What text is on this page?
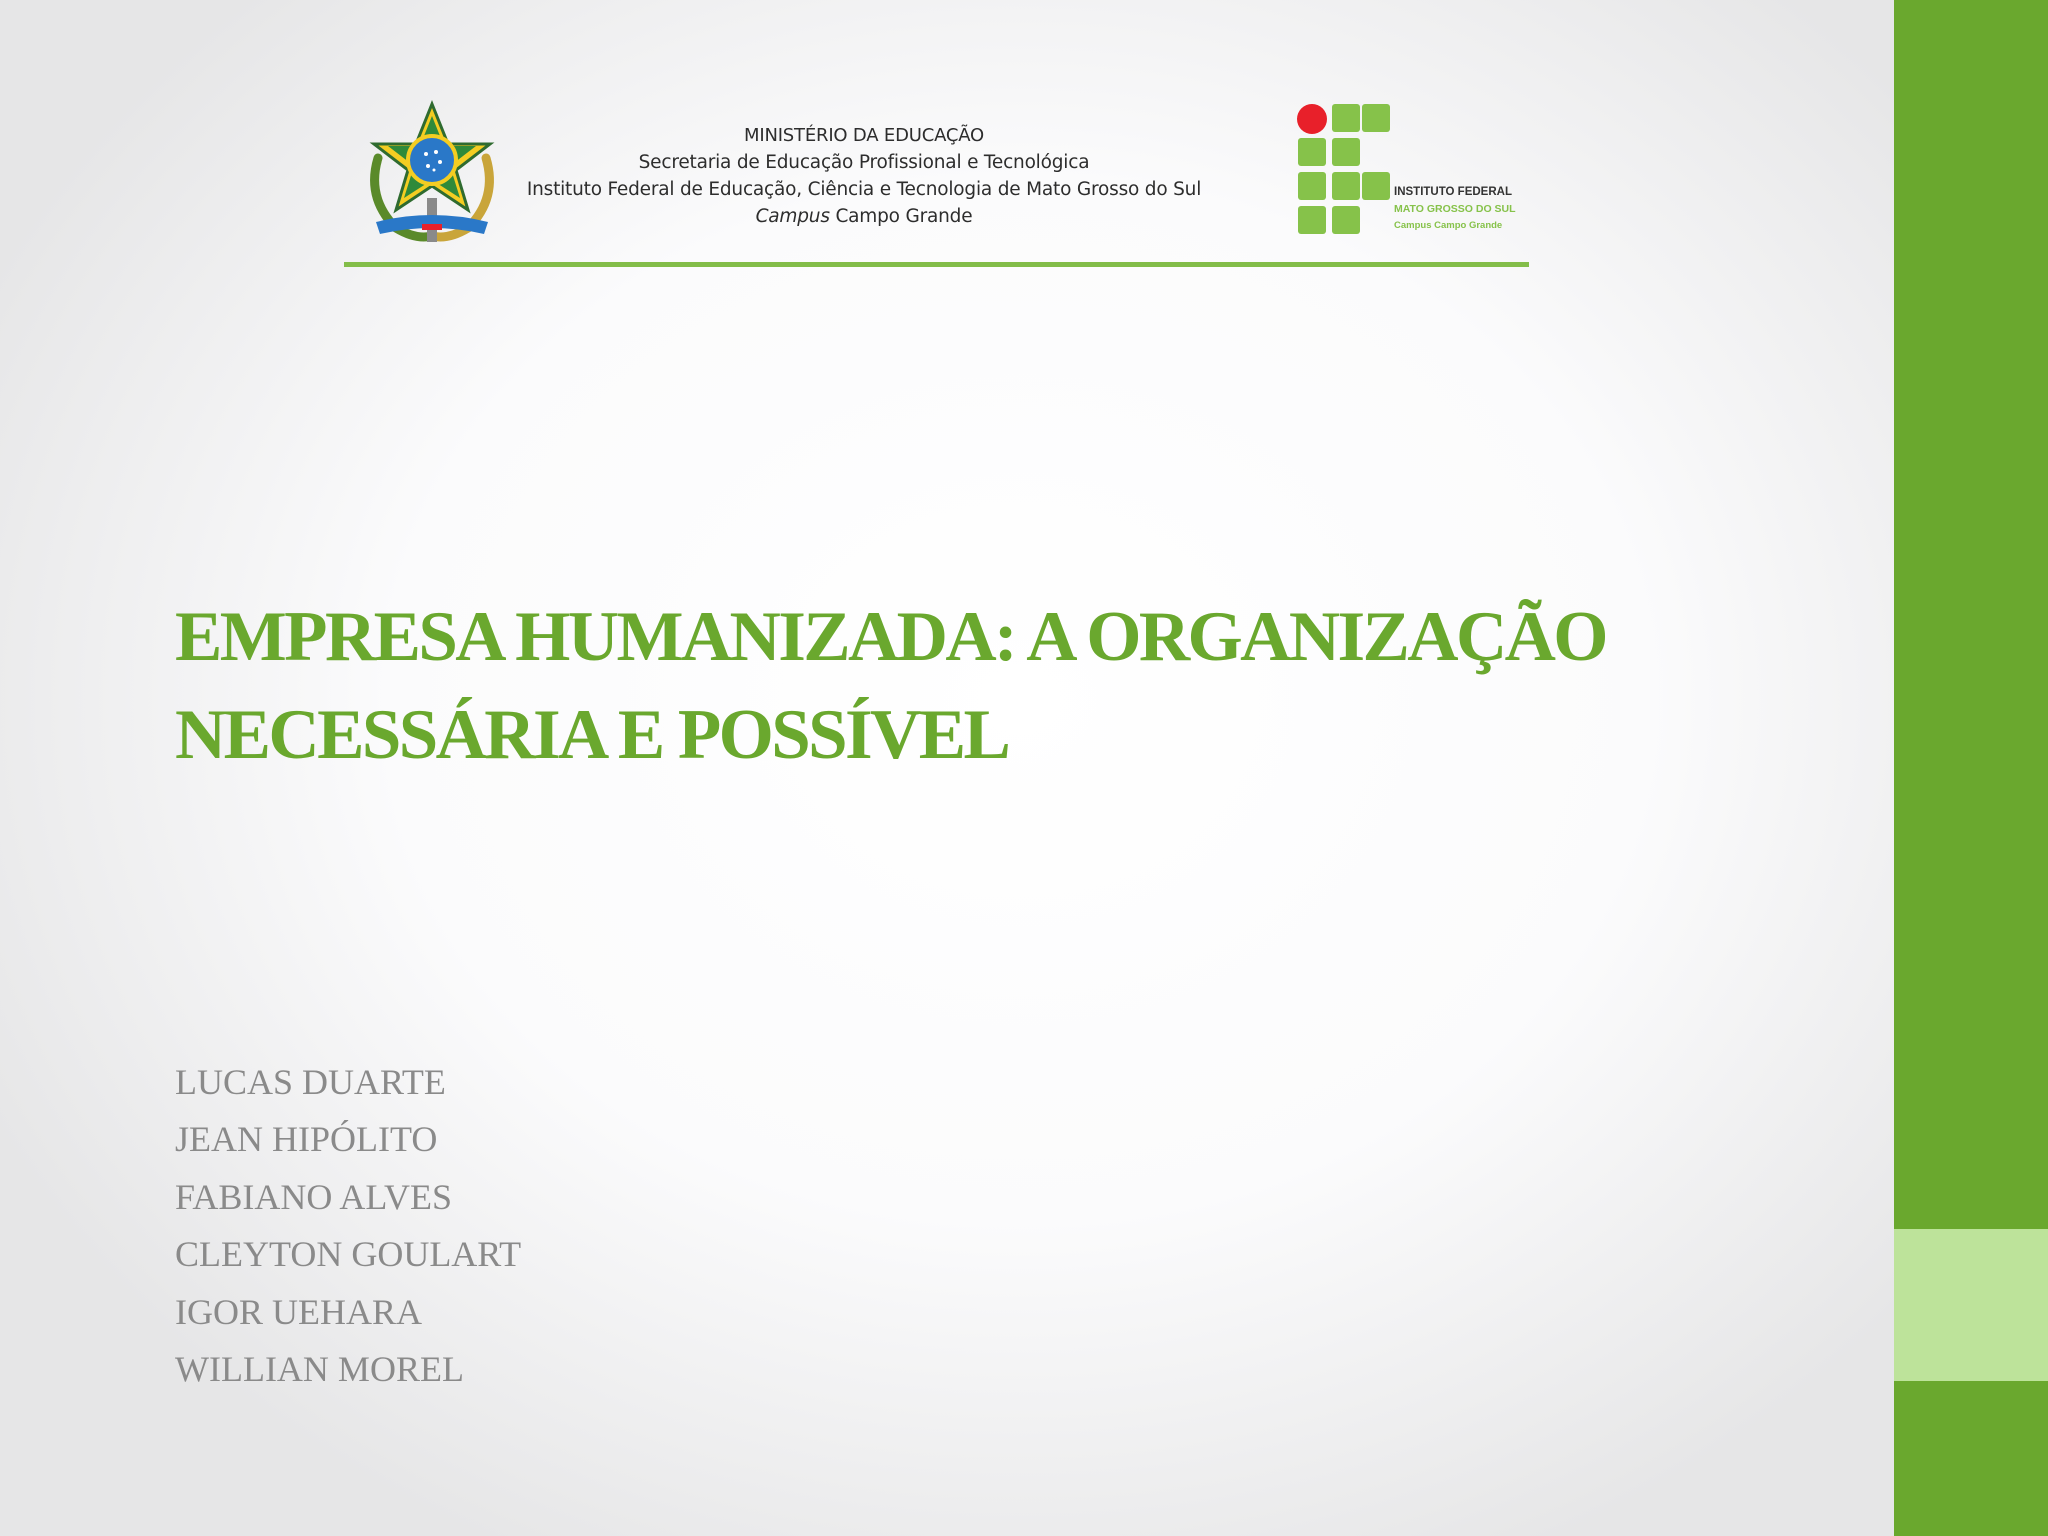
MINISTÉRIO DA EDUCAÇÃO
Secretaria de Educação Profissional e Tecnológica
Instituto Federal de Educação, Ciência e Tecnologia de Mato Grosso do Sul
Campus Campo Grande
INSTITUTO FEDERAL
MATO GROSSO DO SUL
Campus Campo Grande
EMPRESA HUMANIZADA: A ORGANIZAÇÃO
NECESSÁRIA E POSSÍVEL
LUCAS DUARTE
JEAN HIPÓLITO
FABIANO ALVES
CLEYTON GOULART
IGOR UEHARA
WILLIAN MOREL
